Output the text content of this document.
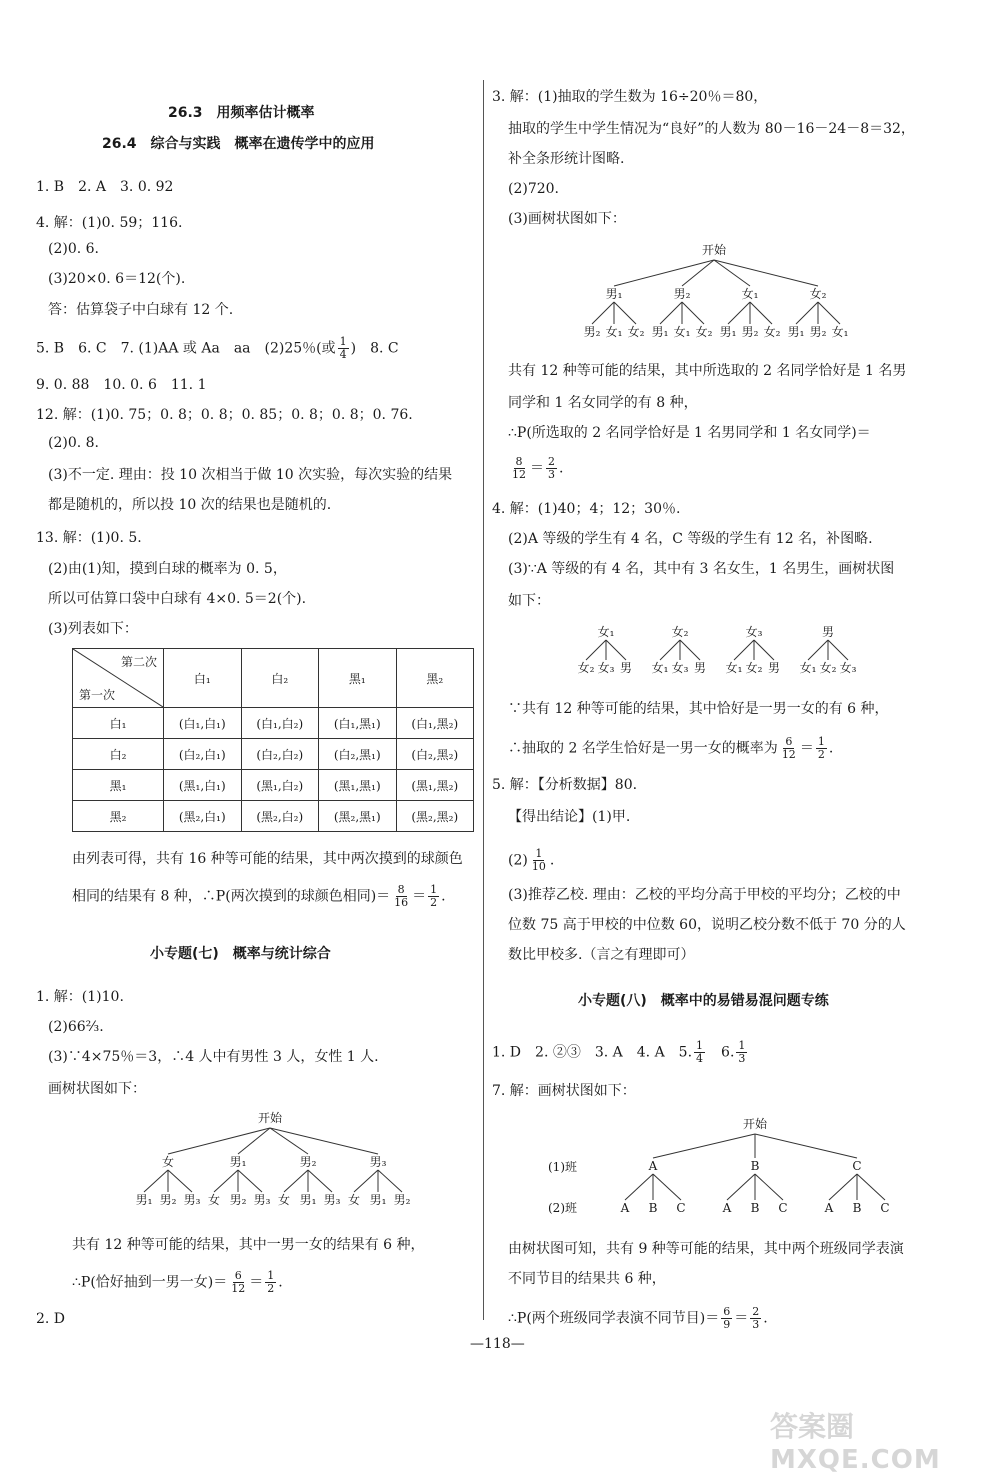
26.3　用频率估计概率
26.4　综合与实践　概率在遗传学中的应用
1. B　2. A　3. 0. 92
4. 解：(1)0. 59；116.
(2)0. 6.
(3)20×0. 6＝12(个).
答：估算袋子中白球有 12 个.
5. B　6. C　7. (1)AA 或 Aa　aa　(2)25％(或 $\frac{1}{4}$ )　8. C
9. 0. 88　10. 0. 6　11. 1
12. 解：(1)0. 75；0. 8；0. 8；0. 85；0. 8；0. 8；0. 76.
(2)0. 8.
(3)不一定. 理由：投 10 次相当于做 10 次实验，每次实验的结果
都是随机的，所以投 10 次的结果也是随机的.
13. 解：(1)0. 5.
(2)由(1)知，摸到白球的概率为 0. 5，
所以可估算口袋中白球有 4×0. 5＝2(个).
(3)列表如下：
第二次
第一次	白₁	白₂	黑₁	黑₂
白₁	(白₁,白₁)	(白₁,白₂)	(白₁,黑₁)	(白₁,黑₂)
白₂	(白₂,白₁)	(白₂,白₂)	(白₂,黑₁)	(白₂,黑₂)
黑₁	(黑₁,白₁)	(黑₁,白₂)	(黑₁,黑₁)	(黑₁,黑₂)
黑₂	(黑₂,白₁)	(黑₂,白₂)	(黑₂,黑₁)	(黑₂,黑₂)
由列表可得，共有 16 种等可能的结果，其中两次摸到的球颜色
相同的结果有 8 种，∴P(两次摸到的球颜色相同)＝ $\frac{8}{16} = \frac{1}{2}$ .
小专题(七)　概率与统计综合
1. 解：(1)10.
(2)66⅔.
(3)∵4×75％＝3，∴4 人中有男性 3 人，女性 1 人.
画树状图如下：
开始
女	男₁	男₂	男₃
男₁ 男₂ 男₃ 女 男₂ 男₃ 女 男₁ 男₃ 女 男₁ 男₂
共有 12 种等可能的结果，其中一男一女的结果有 6 种，
∴P(恰好抽到一男一女)＝ $\frac{6}{12} = \frac{1}{2}$ .
2. D
3. 解：(1)抽取的学生数为 16÷20％＝80，
抽取的学生中学生情况为“良好”的人数为 80－16－24－8＝32，
补全条形统计图略.
(2)720.
(3)画树状图如下：
开始
男₁	男₂	女₁	女₂
男₂ 女₁ 女₂ 男₁ 女₁ 女₂ 男₁ 男₂ 女₂ 男₁ 男₂ 女₁
共有 12 种等可能的结果，其中所选取的 2 名同学恰好是 1 名男
同学和 1 名女同学的有 8 种，
∴P(所选取的 2 名同学恰好是 1 名男同学和 1 名女同学)＝
$\frac{8}{12} = \frac{2}{3}$ .
4. 解：(1)40；4；12；30％.
(2)A 等级的学生有 4 名，C 等级的学生有 12 名，补图略.
(3)∵A 等级的有 4 名，其中有 3 名女生，1 名男生，画树状图
如下：
女₁	女₂	女₃	男
女₂ 女₃ 男 女₁ 女₃ 男 女₁ 女₂ 男 女₁ 女₂ 女₃
∵共有 12 种等可能的结果，其中恰好是一男一女的有 6 种，
∴抽取的 2 名学生恰好是一男一女的概率为 $\frac{6}{12} = \frac{1}{2}$ .
5. 解：【分析数据】80.
【得出结论】(1)甲.
$(2) \frac{1}{10}$ .
(3)推荐乙校. 理由：乙校的平均分高于甲校的平均分；乙校的中
位数 75 高于甲校的中位数 60，说明乙校分数不低于 70 分的人
数比甲校多.（言之有理即可）
小专题(八)　概率中的易错易混问题专练
1. D　2. ②③　3. A　4. A　5. $\frac{1}{4}$
　 6. $\frac{1}{3}$
7. 解：画树状图如下：
开始
(1)班
(2)班
A	B	C
A B C	A B C	A B C
由树状图可知，共有 9 种等可能的结果，其中两个班级同学表演
不同节目的结果共 6 种，
∴P(两个班级同学表演不同节目)＝ $\frac{6}{9} = \frac{2}{3}$ .
—118—
答案圈
MXQE.COM
